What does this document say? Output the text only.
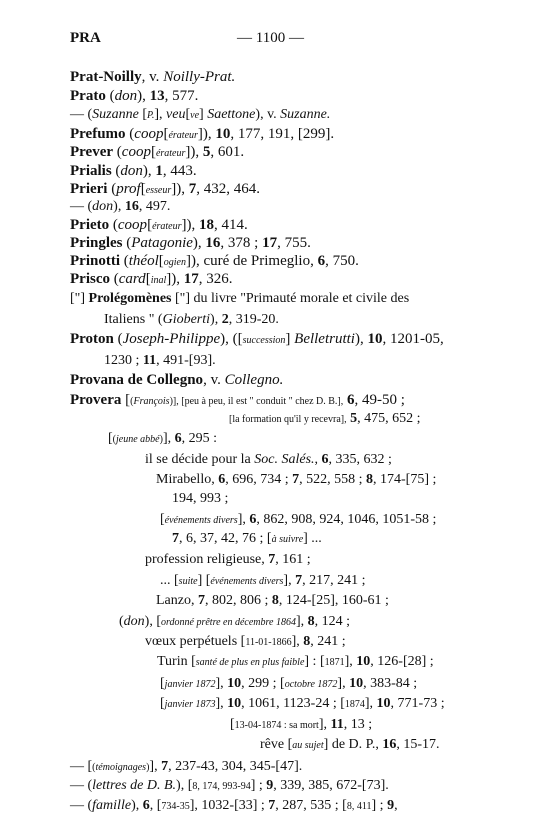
PRA	— 1100 —
Prat-Noilly, v. Noilly-Prat.
Prato (don), 13, 577.
— (Suzanne [P.], veu[ve] Saettone), v. Suzanne.
Prefumo (coop[érateur]), 10, 177, 191, [299].
Prever (coop[érateur]), 5, 601.
Prialis (don), 1, 443.
Prieri (prof[esseur]), 7, 432, 464.
— (don), 16, 497.
Prieto (coop[érateur]), 18, 414.
Pringles (Patagonie), 16, 378 ; 17, 755.
Prinotti (théol[ogien]), curé de Primeglio, 6, 750.
Prisco (card[inal]), 17, 326.
["] Prolégomènes ["] du livre "Primauté morale et civile des
Italiens " (Gioberti), 2, 319-20.
Proton (Joseph-Philippe), ([succession] Belletrutti), 10, 1201-05,
1230 ; 11, 491-[93].
Provana de Collegno, v. Collegno.
Provera [(François)], [peu à peu, il est " conduit " chez D. B.], 6, 49-50 ;
[la formation qu'il y recevra], 5, 475, 652 ;
[(jeune abbé)], 6, 295 :
il se décide pour la Soc. Salés., 6, 335, 632 ;
Mirabello, 6, 696, 734 ; 7, 522, 558 ; 8, 174-[75] ;
194, 993 ;
[événements divers], 6, 862, 908, 924, 1046, 1051-58 ;
7, 6, 37, 42, 76 ; [à suivre] ...
profession religieuse, 7, 161 ;
... [suite] [événements divers], 7, 217, 241 ;
Lanzo, 7, 802, 806 ; 8, 124-[25], 160-61 ;
(don), [ordonné prêtre en décembre 1864], 8, 124 ;
vœux perpétuels [11-01-1866], 8, 241 ;
Turin [santé de plus en plus faible] : [1871], 10, 126-[28] ;
[janvier 1872], 10, 299 ; [octobre 1872], 10, 383-84 ;
[janvier 1873], 10, 1061, 1123-24 ; [1874], 10, 771-73 ;
[13-04-1874 : sa mort], 11, 13 ;
rêve [au sujet] de D. P., 16, 15-17.
— [(témoignages)], 7, 237-43, 304, 345-[47].
— (lettres de D. B.), [8, 174, 993-94] ; 9, 339, 385, 672-[73].
— (famille), 6, [734-35], 1032-[33] ; 7, 287, 535 ; [8, 411] ; 9,
